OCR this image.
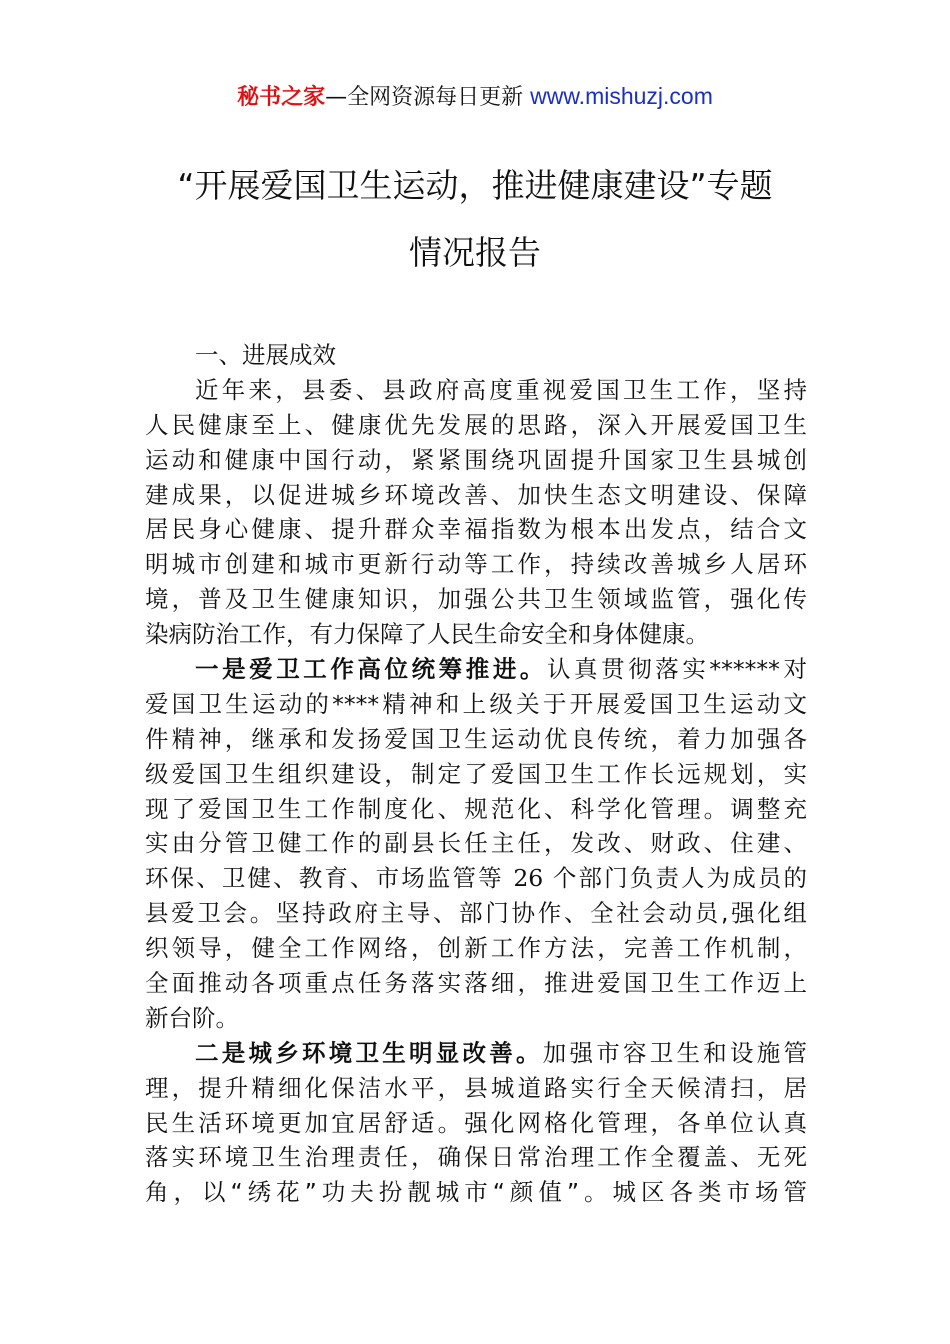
秘书之家—全网资源每日更新 www.mishuzj.com
“开展爱国卫生运动，推进健康建设”专题
情况报告
一、进展成效
近年来，县委、县政府高度重视爱国卫生工作，坚持
人民健康至上、健康优先发展的思路，深入开展爱国卫生
运动和健康中国行动，紧紧围绕巩固提升国家卫生县城创
建成果，以促进城乡环境改善、加快生态文明建设、保障
居民身心健康、提升群众幸福指数为根本出发点，结合文
明城市创建和城市更新行动等工作，持续改善城乡人居环
境，普及卫生健康知识，加强公共卫生领域监管，强化传
染病防治工作，有力保障了人民生命安全和身体健康。
一是爱卫工作高位统筹推进。认真贯彻落实******对
爱国卫生运动的****精神和上级关于开展爱国卫生运动文
件精神，继承和发扬爱国卫生运动优良传统，着力加强各
级爱国卫生组织建设，制定了爱国卫生工作长远规划，实
现了爱国卫生工作制度化、规范化、科学化管理。调整充
实由分管卫健工作的副县长任主任，发改、财政、住建、
环保、卫健、教育、市场监管等 26 个部门负责人为成员的
县爱卫会。坚持政府主导、部门协作、全社会动员,强化组
织领导，健全工作网络，创新工作方法，完善工作机制，
全面推动各项重点任务落实落细，推进爱国卫生工作迈上
新台阶。
二是城乡环境卫生明显改善。加强市容卫生和设施管
理，提升精细化保洁水平，县城道路实行全天候清扫，居
民生活环境更加宜居舒适。强化网格化管理，各单位认真
落实环境卫生治理责任，确保日常治理工作全覆盖、无死
角，以“绣花”功夫扮靓城市“颜值”。城区各类市场管
